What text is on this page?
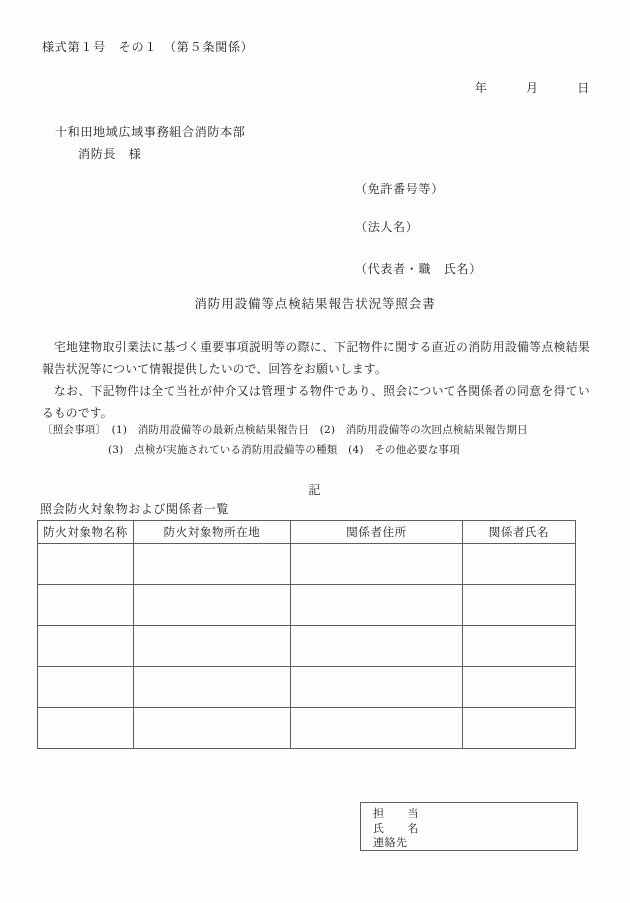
様式第１号　その１　（第５条関係）
年　　　月　　　日
十和田地域広域事務組合消防本部
消防長　様
（免許番号等）
（法人名）
（代表者・職　氏名）
消防用設備等点検結果報告状況等照会書

宅地建物取引業法に基づく重要事項説明等の際に、下記物件に関する直近の消防用設備等点検結果報告状況等について情報提供したいので、回答をお願いします。

なお、下記物件は全て当社が仲介又は管理する物件であり、照会について各関係者の同意を得ているものです。

〔照会事項〕　(1)　消防用設備等の最新点検結果報告日　(2)　消防用設備等の次回点検結果報告期日
(3)　点検が実施されている消防用設備等の種類　(4)　その他必要な事項
記
照会防火対象物および関係者一覧
防火対象物名称	防火対象物所在地	関係者住所	関係者氏名

担　　当
氏　　名
連絡先
